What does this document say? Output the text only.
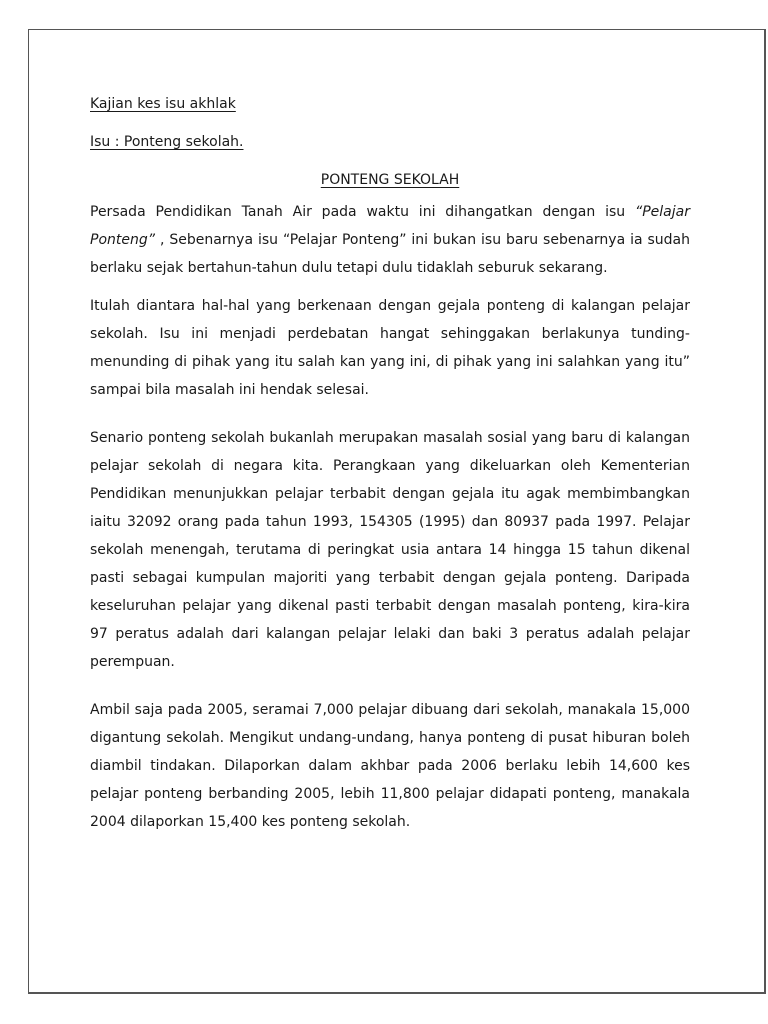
Kajian kes isu akhlak
Isu : Ponteng sekolah.
PONTENG SEKOLAH

Persada Pendidikan Tanah Air pada waktu ini dihangatkan dengan isu “Pelajar Ponteng” , Sebenarnya isu “Pelajar Ponteng” ini bukan isu baru sebenarnya ia sudah berlaku sejak bertahun-tahun dulu tetapi dulu tidaklah seburuk sekarang.

Itulah diantara hal-hal yang berkenaan dengan gejala ponteng di kalangan pelajar sekolah. Isu ini menjadi perdebatan hangat sehinggakan berlakunya tunding-menunding di pihak yang itu salah kan yang ini, di pihak yang ini salahkan yang itu” sampai bila masalah ini hendak selesai.

Senario ponteng sekolah bukanlah merupakan masalah sosial yang baru di kalangan pelajar sekolah di negara kita. Perangkaan yang dikeluarkan oleh Kementerian Pendidikan menunjukkan pelajar terbabit dengan gejala itu agak membimbangkan iaitu 32092 orang pada tahun 1993, 154305 (1995) dan 80937 pada 1997. Pelajar sekolah menengah, terutama di peringkat usia antara 14 hingga 15 tahun dikenal pasti sebagai kumpulan majoriti yang terbabit dengan gejala ponteng. Daripada keseluruhan pelajar yang dikenal pasti terbabit dengan masalah ponteng, kira-kira 97 peratus adalah dari kalangan pelajar lelaki dan baki 3 peratus adalah pelajar perempuan.

Ambil saja pada 2005, seramai 7,000 pelajar dibuang dari sekolah, manakala 15,000 digantung sekolah. Mengikut undang-undang, hanya ponteng di pusat hiburan boleh diambil tindakan. Dilaporkan dalam akhbar pada 2006 berlaku lebih 14,600 kes pelajar ponteng berbanding 2005, lebih 11,800 pelajar didapati ponteng, manakala 2004 dilaporkan 15,400 kes ponteng sekolah.
